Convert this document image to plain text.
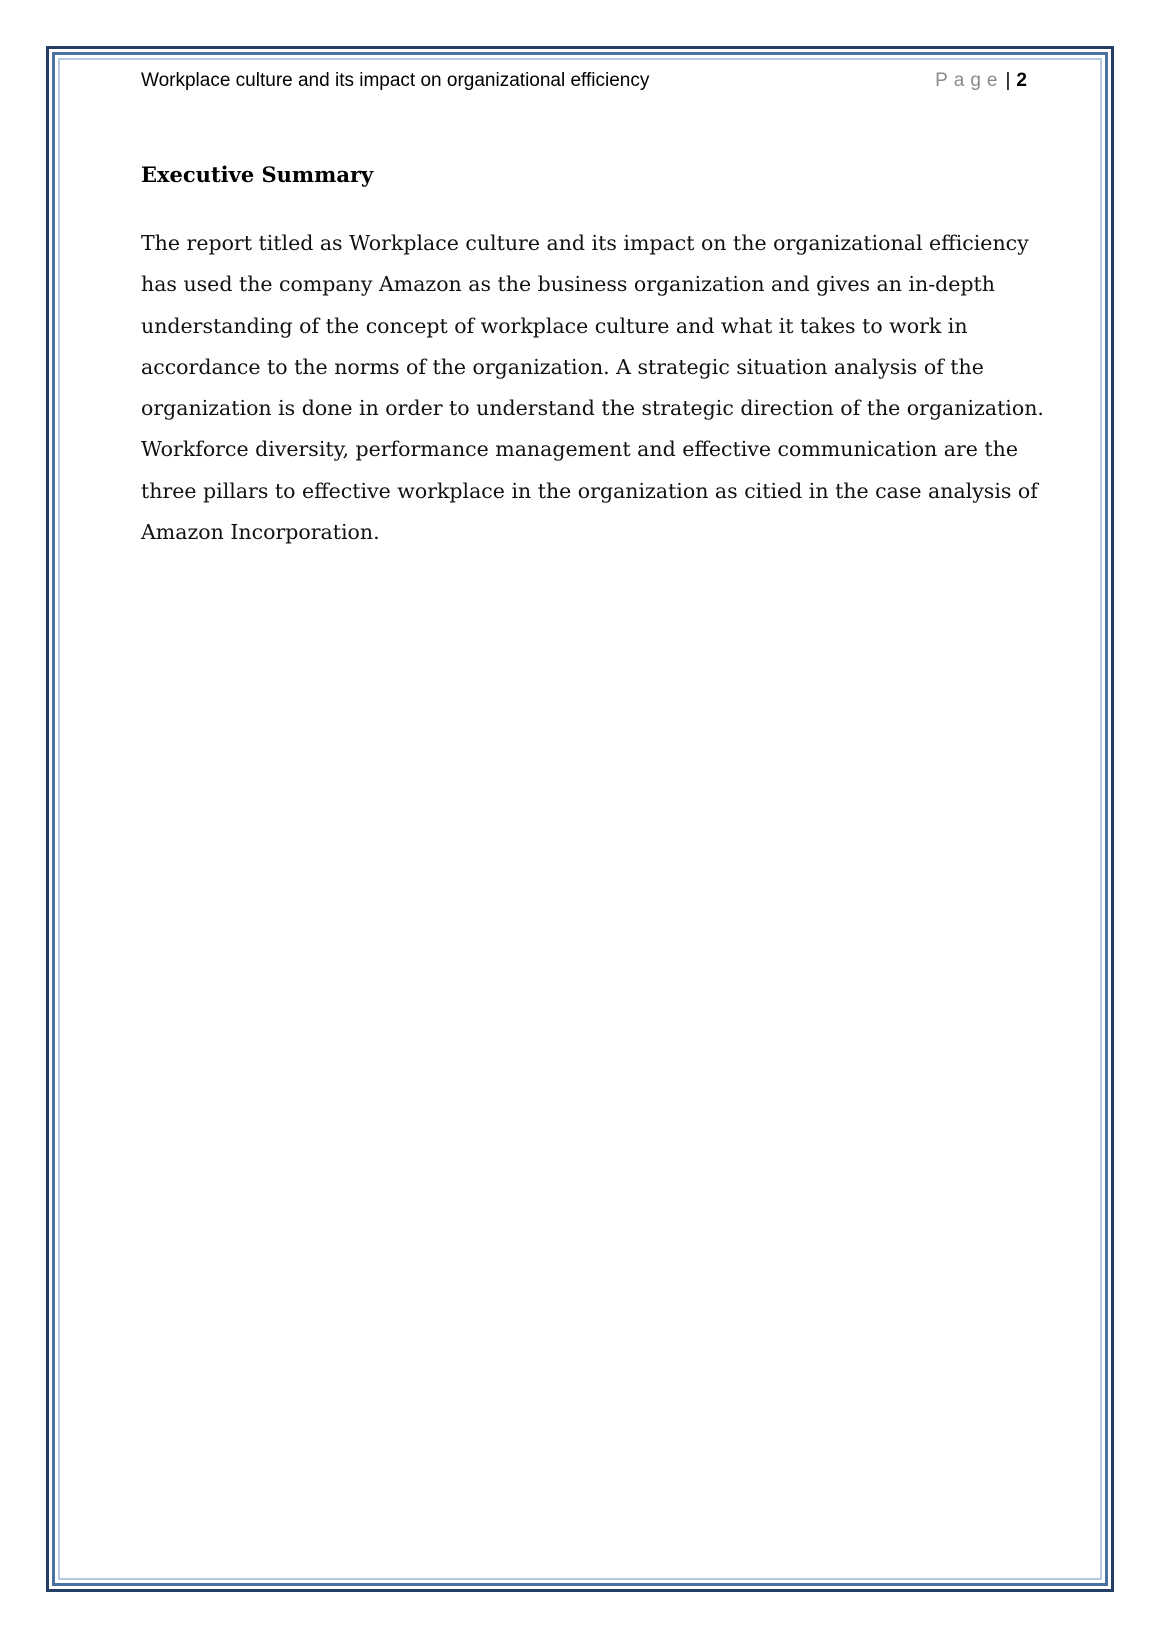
Workplace culture and its impact on organizational efficiency	Page | 2
Executive Summary

The report titled as Workplace culture and its impact on the organizational efficiency
has used the company Amazon as the business organization and gives an in-depth
understanding of the concept of workplace culture and what it takes to work in
accordance to the norms of the organization. A strategic situation analysis of the
organization is done in order to understand the strategic direction of the organization.
Workforce diversity, performance management and effective communication are the
three pillars to effective workplace in the organization as citied in the case analysis of
Amazon Incorporation.
